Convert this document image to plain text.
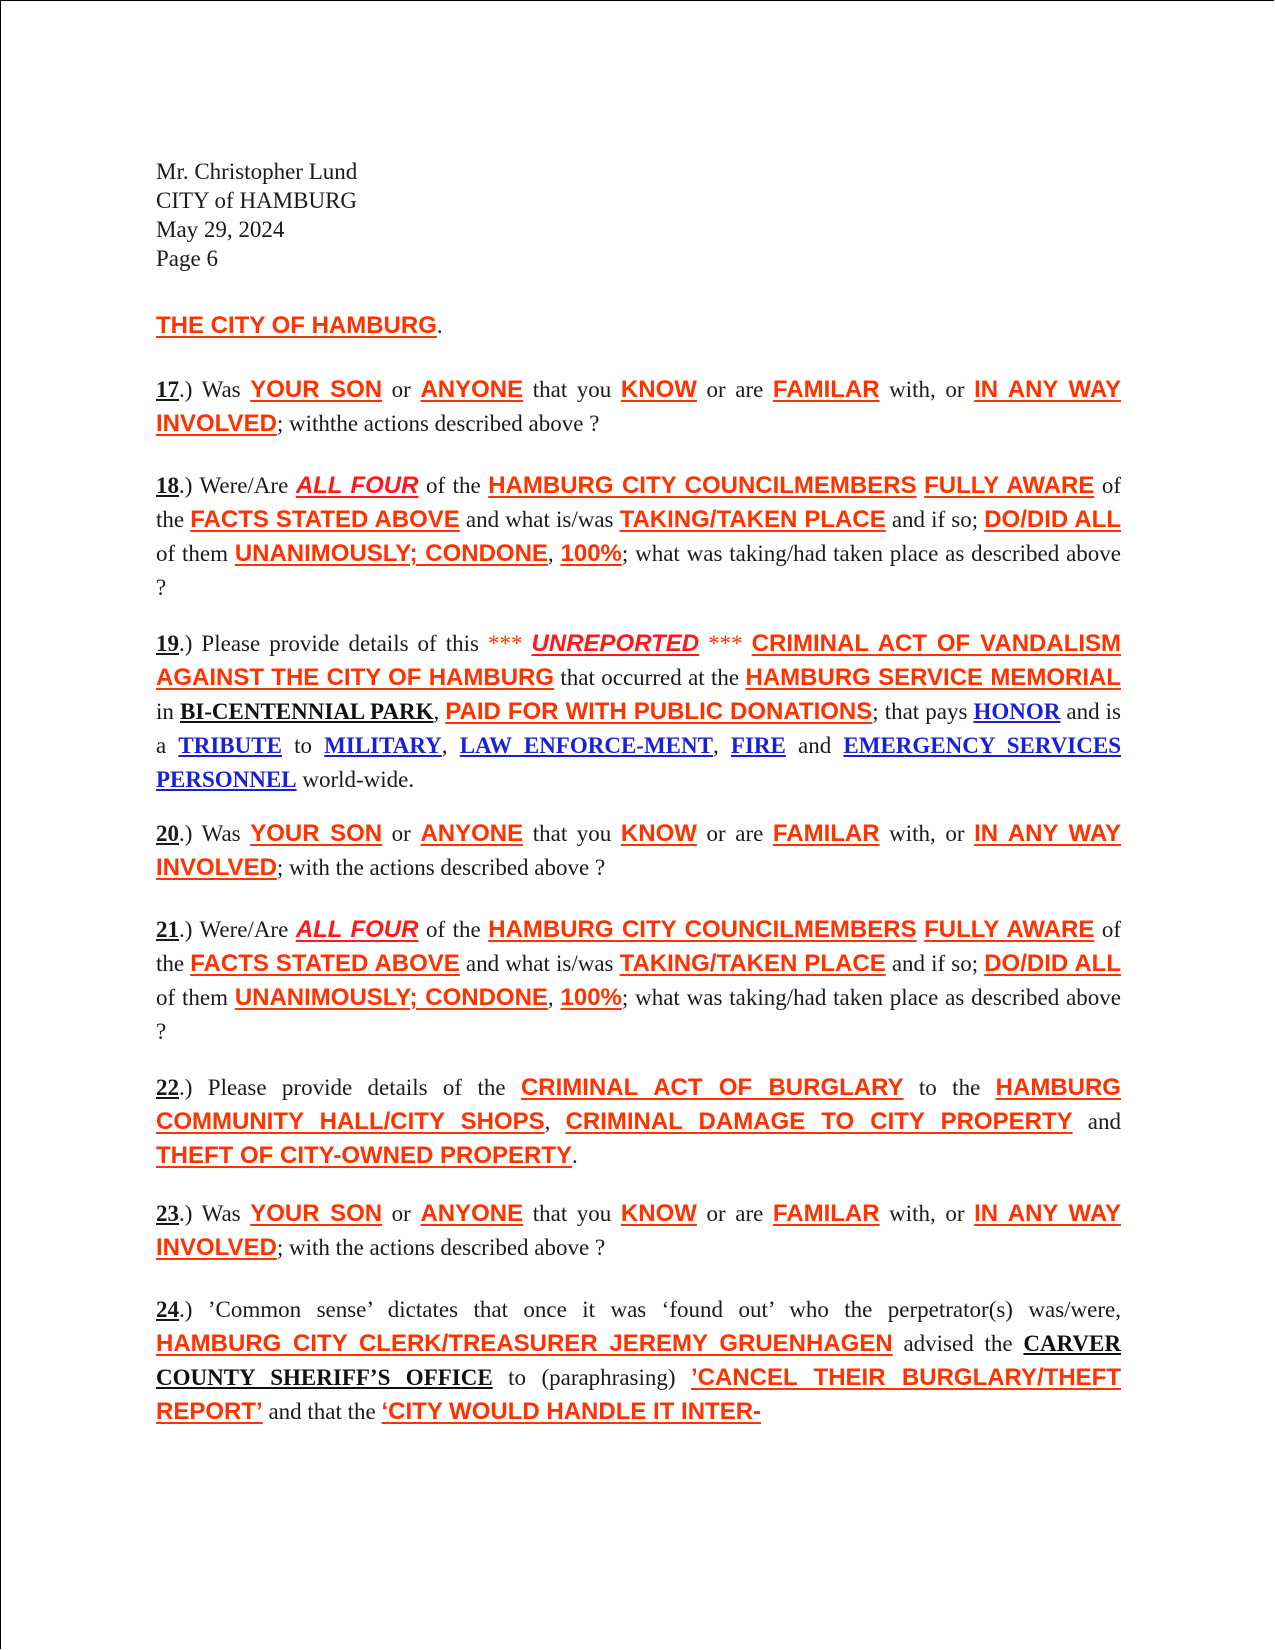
Mr. Christopher Lund
CITY of HAMBURG
May 29, 2024
Page 6

THE CITY OF HAMBURG.

17.) Was YOUR SON or ANYONE that you KNOW or are FAMILAR with, or IN ANY WAY INVOLVED; withthe actions described above ?

18.) Were/Are ALL FOUR of the HAMBURG CITY COUNCILMEMBERS FULLY AWARE of the FACTS STATED ABOVE and what is/was TAKING/TAKEN PLACE and if so; DO/DID ALL of them UNANIMOUSLY; CONDONE, 100%; what was taking/had taken place as described above ?

19.) Please provide details of this *** UNREPORTED *** CRIMINAL ACT OF VANDALISM AGAINST THE CITY OF HAMBURG that occurred at the HAMBURG SERVICE MEMORIAL in BI-CENTENNIAL PARK, PAID FOR WITH PUBLIC DONATIONS; that pays HONOR and is a TRIBUTE to MILITARY, LAW ENFORCE-MENT, FIRE and EMERGENCY SERVICES PERSONNEL world-wide.

20.) Was YOUR SON or ANYONE that you KNOW or are FAMILAR with, or IN ANY WAY INVOLVED; with the actions described above ?

21.) Were/Are ALL FOUR of the HAMBURG CITY COUNCILMEMBERS FULLY AWARE of the FACTS STATED ABOVE and what is/was TAKING/TAKEN PLACE and if so; DO/DID ALL of them UNANIMOUSLY; CONDONE, 100%; what was taking/had taken place as described above ?

22.) Please provide details of the CRIMINAL ACT OF BURGLARY to the HAMBURG COMMUNITY HALL/CITY SHOPS, CRIMINAL DAMAGE TO CITY PROPERTY and THEFT OF CITY-OWNED PROPERTY.

23.) Was YOUR SON or ANYONE that you KNOW or are FAMILAR with, or IN ANY WAY INVOLVED; with the actions described above ?

24.) ’Common sense’ dictates that once it was ‘found out’ who the perpetrator(s) was/were, HAMBURG CITY CLERK/TREASURER JEREMY GRUENHAGEN advised the CARVER COUNTY SHERIFF’S OFFICE to (paraphrasing) ’CANCEL THEIR BURGLARY/THEFT REPORT’ and that the ‘CITY WOULD HANDLE IT INTER-
